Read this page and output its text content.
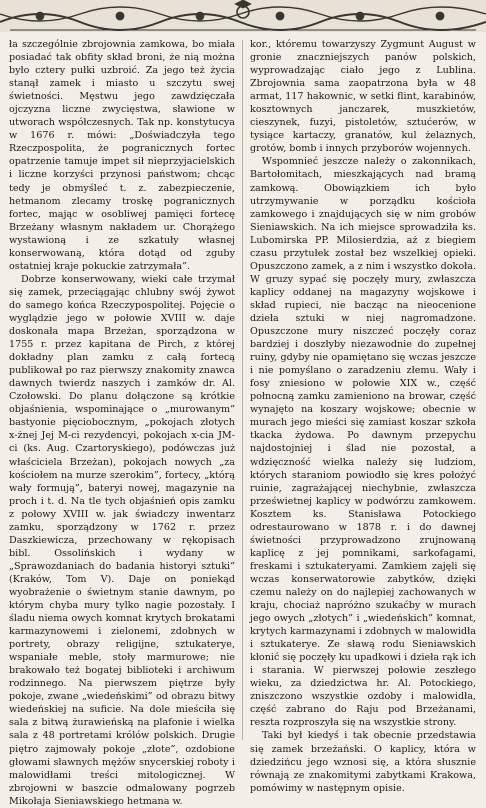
ła szczególnie zbrojownia zamkowa, bo miała posiadać tak obfity skład broni, że nią można było cztery pułki uzbroić. Za jego też życia stanął zamek i miasto u szczytu swej świetności. Męstwu jego zawdzięczała ojczyzna liczne zwycięstwa, sławione w utworach współczesnych. Tak np. konstytucya w 1676 r. mówi: „Doświadczyła tego Rzeczpospolita, że pogranicznych fortec opatrzenie tamuje impet sił nieprzyjacielskich i liczne korzyści przynosi państwom; chcąc tedy je obmyśleć t. z. zabezpieczenie, hetmanom zlecamy troskę pogranicznych fortec, mając w osobliwej pamięci fortecę Brzeżany własnym nakładem ur. Chorążego wystawioną i ze szkatuły własnej konserwowaną, która dotąd od zguby ostatniej kraje pokuckie zatrzymała”.

Dobrze konserwowany, wieki całe trzymał się zamek, przeciągając chlubny swój żywot do samego końca Rzeczypospolitej. Pojęcie o wyglądzie jego w połowie XVIII w. daje doskonała mapa Brzeżan, sporządzona w 1755 r. przez kapitana de Pirch, z której dokładny plan zamku z całą fortecą publikował po raz pierwszy znakomity znawca dawnych twierdz naszych i zamków dr. Al. Czołowski. Do planu dołączone są krótkie objaśnienia, wspominające o „murowanym” bastyonie pięciobocznym, „pokojach złotych x-żnej Jej M-ci rezydencyi, pokojach x-cia JM-ci (ks. Aug. Czartoryskiego), podówczas już właściciela Brzeżan), pokojach nowych „za kościołem na murze szerokim”, fortecy, „którą wały formują”, bateryi nowej, magazynie na proch i t. d. Na tle tych objaśnień opis zamku z połowy XVIII w. jak świadczy inwentarz zamku, sporządzony w 1762 r. przez Daszkiewicza, przechowany w rękopisach bibl. Ossolińskich i wydany w „Sprawozdaniach do badania historyi sztuki” (Kraków, Tom V). Daje on poniekąd wyobrażenie o świetnym stanie dawnym, po którym chyba mury tylko nagie pozostały. I śladu niema owych komnat krytych brokatami karmazynowemi i zielonemi, zdobnych w portrety, obrazy religijne, sztukaterye, wspaniałe meble, stoły marmurowe; nie brakowało też bogatej biblioteki i archiwum rodzinnego. Na pierwszem piętrze były pokoje, zwane „wiedeńskimi” od obrazu bitwy wiedeńskiej na suficie. Na dole mieściła się sala z bitwą żurawieńską na plafonie i wielka sala z 48 portretami królów polskich. Drugie piętro zajmowały pokoje „złote”, ozdobione głowami sławnych mężów snycerskiej roboty i malowidłami treści mitologicznej. W zbrojowni w baszcie odmalowany pogrzeb Mikołaja Sieniawskiego hetmana w.

kor., któremu towarzyszy Zygmunt August w gronie znaczniejszych panów polskich, wyprowadzając ciało jego z Lublina. Zbrojownia sama zaopatrzona była w 48 armat, 117 hakownic, w setki flint, karabinów, kosztownych janczarek, muszkietów, cieszynek, fuzyi, pistoletów, sztućerów, w tysiące kartaczy, granatów, kul żelaznych, grotów, bomb i innych przyborów wojennych.

Wspomnieć jeszcze należy o zakonnikach, Bartołomitach, mieszkających nad bramą zamkową. Obowiązkiem ich było utrzymywanie w porządku kościoła zamkowego i znajdujących się w nim grobów Sieniawskich. Na ich miejsce sprowadziła ks. Lubomirska PP. Milosierdzia, aż z biegiem czasu przytułek został bez wszelkiej opieki. Opuszczono zamek, a z nim i wszystko dokoła. W gruzy sypać się poczęły mury, zwłaszcza kaplicy oddanej na magazyny wojskowe i skład rupieci, nie bacząc na nieocenione dzieła sztuki w niej nagromadzone. Opuszczone mury niszczeć poczęły coraz bardziej i doszłyby niezawodnie do zupełnej ruiny, gdyby nie opamiętano się wczas jeszcze i nie pomyślano o zaradzeniu złemu. Wały i fosy zniesiono w połowie XIX w., część połnocną zamku zamieniono na browar, część wynajęto na koszary wojskowe; obecnie w murach jego mieści się zamiast koszar szkoła tkacka żydowa. Po dawnym przepychu najdostojniej i ślad nie pozostał, a wdzięczność wielka należy się ludziom, których staraniom powiodło się kres położyć ruinie, zagrażającej niechybnie, zwłaszcza prześwietnej kaplicy w podwórzu zamkowem. Kosztem ks. Stanisława Potockiego odrestaurowano w 1878 r. i do dawnej świetności przyprowadzono zrujnowaną kaplicę z jej pomnikami, sarkofagami, freskami i sztukateryami. Zamkiem zajęli się wczas konserwatorowie zabytków, dzięki czemu należy on do najlepiej zachowanych w kraju, chociaż napróżno szukaćby w murach jego owych „złotych” i „wiedeńskich” komnat, krytych karmazynami i zdobnych w malowidła i sztukaterye. Ze sławą rodu Sieniawskich kłonić się poczęły ku upadkowi i dzieła rąk ich i starania. W pierwszej połowie zeszłego wieku, za dziedzictwa hr. Al. Potockiego, zniszczono wszystkie ozdoby i malowidła, część zabrano do Raju pod Brzeżanami, reszta rozproszyła się na wszystkie strony.

Taki był kiedyś i tak obecnie przedstawia się zamek brzeżański. O kaplicy, która w dziedzińcu jego wznosi się, a która słusznie równają ze znakomitymi zabytkami Krakowa, pomówimy w następnym opisie.
